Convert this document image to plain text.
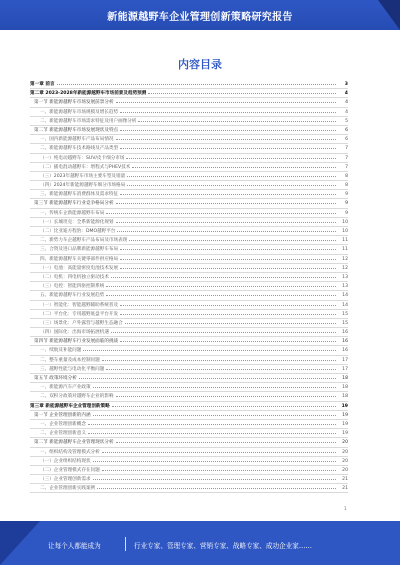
新能源越野车企业管理创新策略研究报告
内容目录
第一章 前言	3
第二章 2023-2028年新能源越野车市场前景及趋势预测	4
第一节 新能源越野车市场发展前景分析	4
一、新能源越野车市场规模及增长趋势	4
二、新能源越野车市场需求特征及用户画像分析	5
第二节 新能源越野车市场发展现状及特点	6
一、国内新能源越野车产品布局情况	6
二、新能源越野车技术路线及产品类型	7
（一）纯电动越野车：SUV/皮卡细分市场	7
（二）插电混动越野车：增程式与PHEV技术	7
（三）2023年越野车市场主要车型及销量	8
（四）2024年新能源越野车细分市场格局	8
三、新能源越野车消费群体及需求特征	9
第三节 新能源越野车行业竞争格局分析	9
一、传统车企新能源越野车布局	9
（一）长城坦克：全系新能源化规划	10
（二）比亚迪方程豹：DMO越野平台	10
二、新势力车企越野车产品布局及市场表现	11
三、合资及进口品牌新能源越野车布局	11
四、新能源越野车关键零部件供应格局	12
（一）电池：高能量密度电池技术发展	12
（二）电机：四电机独立驱动技术	13
（三）电控：智能四驱控制系统	13
五、新能源越野车行业发展趋势	14
（一）智能化：智能越野辅助系统普及	14
（二）平台化：专用越野底盘平台开发	15
（三）场景化：户外露营与越野生态融合	15
（四）国际化：出海市场拓展机遇	16
第四节 新能源越野车行业发展面临的挑战	16
一、续航及补能问题	16
二、整车重量及成本控制问题	17
三、越野性能与电动化平衡问题	17
第五节 政策环境分析	18
一、新能源汽车产业政策	18
二、双积分政策对越野车企业的影响	18
第三章 新能源越野车企业管理创新策略	19
第一节 企业管理创新的内涵	19
一、企业管理创新概念	19
二、企业管理创新意义	19
第二节 新能源越野车企业管理现状分析	20
一、组织结构及管理模式分析	20
（一）企业组织结构现状	20
（二）企业管理模式存在问题	20
（三）企业管理创新需求	21
二、企业管理创新实践案例	21
1
让每个人都能成为	行业专家、管理专家、营销专家、战略专家、成功企业家……
